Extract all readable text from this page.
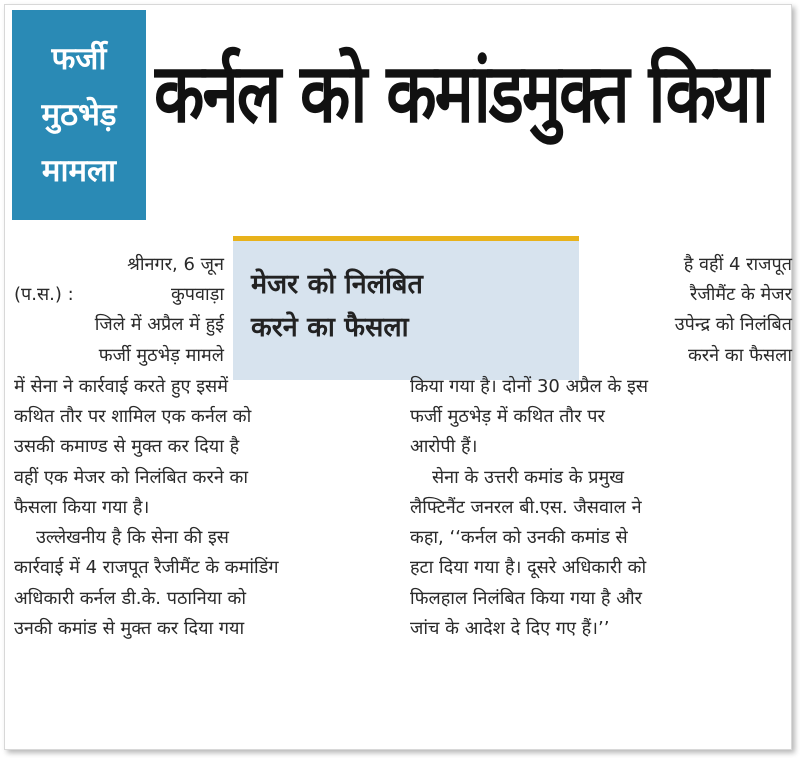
फर्जी
मुठभेड़
मामला
कर्नल को कमांडमुक्त किया
मेजर को निलंबित
करने का फैसला
श्रीनगर, 6 जून
(प.स.) :	कुपवाड़ा
जिले में अप्रैल में हुई
फर्जी मुठभेड़ मामले
है वहीं 4 राजपूत
रैजीमैंट के मेजर
उपेन्द्र को निलंबित
करने का फैसला
में सेना ने कार्रवाई करते हुए इसमें
कथित तौर पर शामिल एक कर्नल को
उसकी कमाण्ड से मुक्त कर दिया है
वहीं एक मेजर को निलंबित करने का
फैसला किया गया है।
उल्लेखनीय है कि सेना की इस
कार्रवाई में 4 राजपूत रैजीमैंट के कमांडिंग
अधिकारी कर्नल डी.के. पठानिया को
उनकी कमांड से मुक्त कर दिया गया
किया गया है। दोनों 30 अप्रैल के इस
फर्जी मुठभेड़ में कथित तौर पर
आरोपी हैं।
सेना के उत्तरी कमांड के प्रमुख
लैफ्टिनैंट जनरल बी.एस. जैसवाल ने
कहा, ‘‘कर्नल को उनकी कमांड से
हटा दिया गया है। दूसरे अधिकारी को
फिलहाल निलंबित किया गया है और
जांच के आदेश दे दिए गए हैं।’’
